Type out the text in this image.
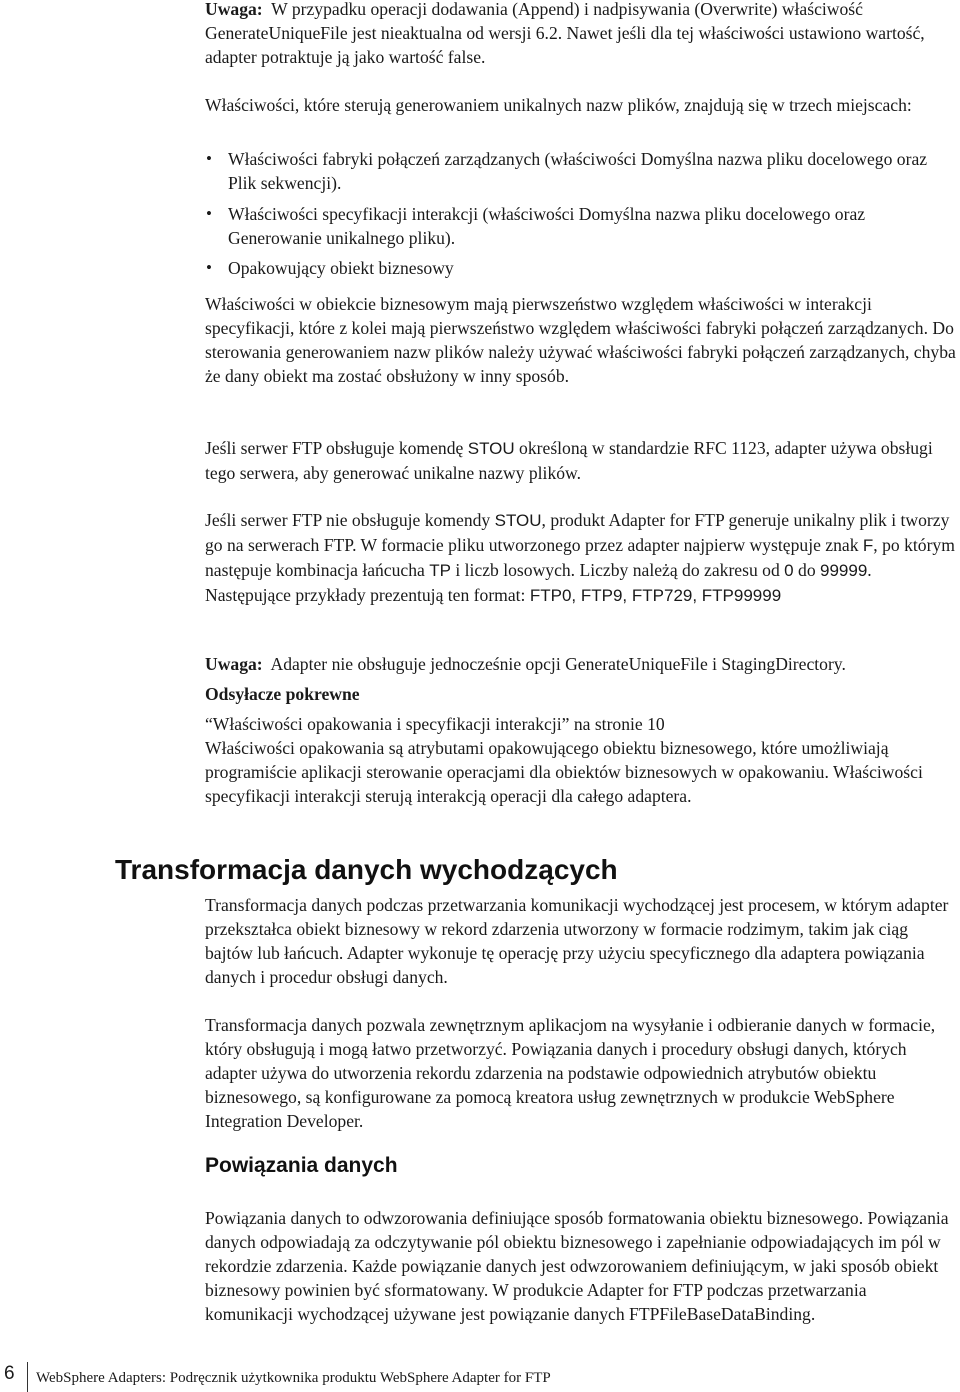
Uwaga: W przypadku operacji dodawania (Append) i nadpisywania (Overwrite) właściwość GenerateUniqueFile jest nieaktualna od wersji 6.2. Nawet jeśli dla tej właściwości ustawiono wartość, adapter potraktuje ją jako wartość false.

Właściwości, które sterują generowaniem unikalnych nazw plików, znajdują się w trzech miejscach:

• Właściwości fabryki połączeń zarządzanych (właściwości Domyślna nazwa pliku docelowego oraz Plik sekwencji).

• Właściwości specyfikacji interakcji (właściwości Domyślna nazwa pliku docelowego oraz Generowanie unikalnego pliku).

• Opakowujący obiekt biznesowy

Właściwości w obiekcie biznesowym mają pierwszeństwo względem właściwości w interakcji specyfikacji, które z kolei mają pierwszeństwo względem właściwości fabryki połączeń zarządzanych. Do sterowania generowaniem nazw plików należy używać właściwości fabryki połączeń zarządzanych, chyba że dany obiekt ma zostać obsłużony w inny sposób.

Jeśli serwer FTP obsługuje komendę STOU określoną w standardzie RFC 1123, adapter używa obsługi tego serwera, aby generować unikalne nazwy plików.

Jeśli serwer FTP nie obsługuje komendy STOU, produkt Adapter for FTP generuje unikalny plik i tworzy go na serwerach FTP. W formacie pliku utworzonego przez adapter najpierw występuje znak F, po którym następuje kombinacja łańcucha TP i liczb losowych. Liczby należą do zakresu od 0 do 99999. Następujące przykłady prezentują ten format: FTP0, FTP9, FTP729, FTP99999

Uwaga: Adapter nie obsługuje jednocześnie opcji GenerateUniqueFile i StagingDirectory.

Odsyłacze pokrewne

“Właściwości opakowania i specyfikacji interakcji” na stronie 10

Właściwości opakowania są atrybutami opakowującego obiektu biznesowego, które umożliwiają programiście aplikacji sterowanie operacjami dla obiektów biznesowych w opakowaniu. Właściwości specyfikacji interakcji sterują interakcją operacji dla całego adaptera.

Transformacja danych wychodzących

Transformacja danych podczas przetwarzania komunikacji wychodzącej jest procesem, w którym adapter przekształca obiekt biznesowy w rekord zdarzenia utworzony w formacie rodzimym, takim jak ciąg bajtów lub łańcuch. Adapter wykonuje tę operację przy użyciu specyficznego dla adaptera powiązania danych i procedur obsługi danych.

Transformacja danych pozwala zewnętrznym aplikacjom na wysyłanie i odbieranie danych w formacie, który obsługują i mogą łatwo przetworzyć. Powiązania danych i procedury obsługi danych, których adapter używa do utworzenia rekordu zdarzenia na podstawie odpowiednich atrybutów obiektu biznesowego, są konfigurowane za pomocą kreatora usług zewnętrznych w produkcie WebSphere Integration Developer.

Powiązania danych

Powiązania danych to odwzorowania definiujące sposób formatowania obiektu biznesowego. Powiązania danych odpowiadają za odczytywanie pól obiektu biznesowego i zapełnianie odpowiadających im pól w rekordzie zdarzenia. Każde powiązanie danych jest odwzorowaniem definiującym, w jaki sposób obiekt biznesowy powinien być sformatowany. W produkcie Adapter for FTP podczas przetwarzania komunikacji wychodzącej używane jest powiązanie danych FTPFileBaseDataBinding.

6 WebSphere Adapters: Podręcznik użytkownika produktu WebSphere Adapter for FTP
